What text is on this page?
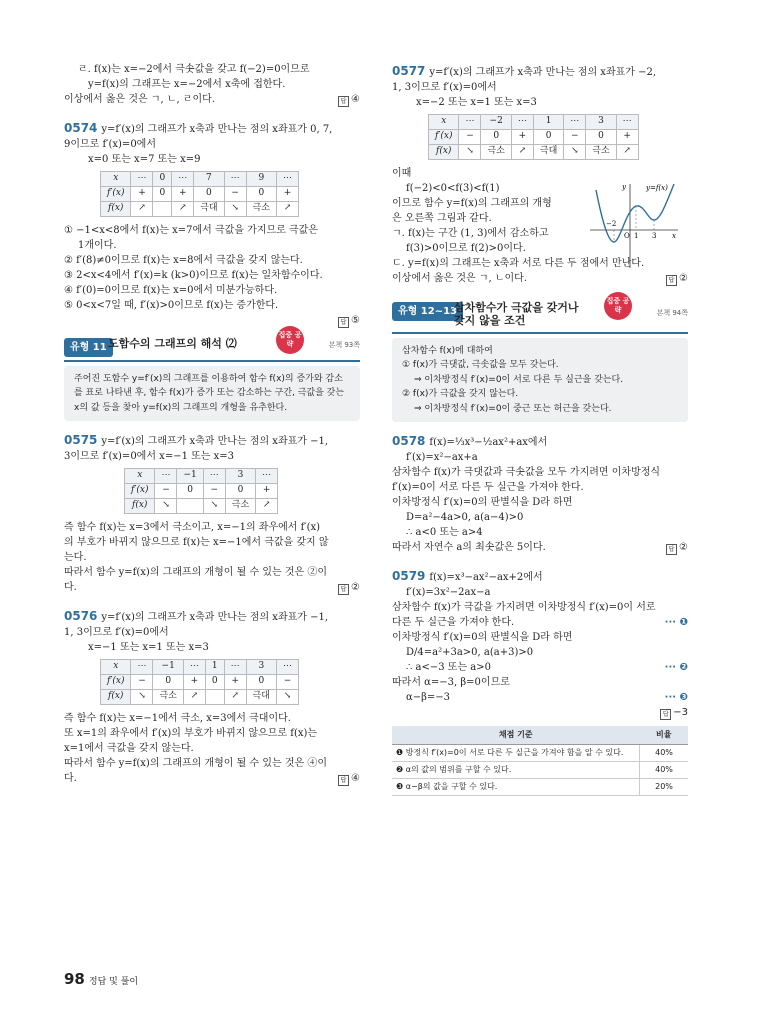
ㄹ. f(x)는 x=−2에서 극솟값을 갖고 f(−2)=0이므로

y=f(x)의 그래프는 x=−2에서 x축에 접한다.

이상에서 옳은 것은 ㄱ, ㄴ, ㄹ이다.	답 ④

0574 y=f′(x)의 그래프가 x축과 만나는 점의 x좌표가 0, 7,

9이므로 f′(x)=0에서

x=0 또는 x=7 또는 x=9

x	⋯	0	⋯	7	⋯	9	⋯
f′(x)	+	0	+	0	−	0	+
f(x)	↗		↗	극대	↘	극소	↗

① −1<x<8에서 f(x)는 x=7에서 극값을 가지므로 극값은

1개이다.

② f′(8)≠0이므로 f(x)는 x=8에서 극값을 갖지 않는다.

③ 2<x<4에서 f′(x)=k (k>0)이므로 f(x)는 일차함수이다.

④ f′(0)=0이므로 f(x)는 x=0에서 미분가능하다.

⑤ 0<x<7일 때, f′(x)>0이므로 f(x)는 증가한다.

답 ⑤

유형 11 도함수의 그래프의 해석 ⑵
집중 공략	본책 93쪽
주어진 도함수 y=f′(x)의 그래프를 이용하여 함수 f(x)의 증가와 감소를 표로 나타낸 후, 함수 f(x)가 증가 또는 감소하는 구간, 극값을 갖는 x의 값 등을 찾아 y=f(x)의 그래프의 개형을 유추한다.

0575 y=f′(x)의 그래프가 x축과 만나는 점의 x좌표가 −1,

3이므로 f′(x)=0에서 x=−1 또는 x=3

x	⋯	−1	⋯	3	⋯
f′(x)	−	0	−	0	+
f(x)	↘		↘	극소	↗

즉 함수 f(x)는 x=3에서 극소이고, x=−1의 좌우에서 f′(x)

의 부호가 바뀌지 않으므로 f(x)는 x=−1에서 극값을 갖지 않

는다.

따라서 함수 y=f(x)의 그래프의 개형이 될 수 있는 것은 ②이

다.	답 ②

0576 y=f′(x)의 그래프가 x축과 만나는 점의 x좌표가 −1,

1, 3이므로 f′(x)=0에서

x=−1 또는 x=1 또는 x=3

x	⋯	−1	⋯	1	⋯	3	⋯
f′(x)	−	0	+	0	+	0	−
f(x)	↘	극소	↗		↗	극대	↘

즉 함수 f(x)는 x=−1에서 극소, x=3에서 극대이다.

또 x=1의 좌우에서 f′(x)의 부호가 바뀌지 않으므로 f(x)는

x=1에서 극값을 갖지 않는다.

따라서 함수 y=f(x)의 그래프의 개형이 될 수 있는 것은 ④이

다.	답 ④

0577 y=f′(x)의 그래프가 x축과 만나는 점의 x좌표가 −2,

1, 3이므로 f′(x)=0에서

x=−2 또는 x=1 또는 x=3

x	⋯	−2	⋯	1	⋯	3	⋯
f′(x)	−	0	+	0	−	0	+
f(x)	↘	극소	↗	극대	↘	극소	↗

이때

f(−2)<0<f(3)<f(1)

이므로 함수 y=f(x)의 그래프의 개형

은 오른쪽 그림과 같다.

ㄱ. f(x)는 구간 (1, 3)에서 감소하고

f(3)>0이므로 f(2)>0이다.

ㄷ. y=f(x)의 그래프는 x축과 서로 다른 두 점에서 만난다.

이상에서 옳은 것은 ㄱ, ㄴ이다.	답 ②

y=f(x)
y
x
O
−2
1 3
유형 12~13
삼차함수가 극값을 갖거나
갖지 않을 조건
집중 공략	본책 94쪽
삼차함수 f(x)에 대하여
① f(x)가 극댓값, 극솟값을 모두 갖는다.
⇒ 이차방정식 f′(x)=0이 서로 다른 두 실근을 갖는다.
② f(x)가 극값을 갖지 않는다.
⇒ 이차방정식 f′(x)=0이 중근 또는 허근을 갖는다.

0578 f(x)=⅓x³−½ax²+ax에서

f′(x)=x²−ax+a

삼차함수 f(x)가 극댓값과 극솟값을 모두 가지려면 이차방정식

f′(x)=0이 서로 다른 두 실근을 가져야 한다.

이차방정식 f′(x)=0의 판별식을 D라 하면

D=a²−4a>0, a(a−4)>0

∴ a<0 또는 a>4

따라서 자연수 a의 최솟값은 5이다.	답 ②

0579 f(x)=x³−ax²−ax+2에서

f′(x)=3x²−2ax−a

삼차함수 f(x)가 극값을 가지려면 이차방정식 f′(x)=0이 서로

다른 두 실근을 가져야 한다.	··· ❶

이차방정식 f′(x)=0의 판별식을 D라 하면

D/4=a²+3a>0, a(a+3)>0

∴ a<−3 또는 a>0	··· ❷

따라서 α=−3, β=0이므로

α−β=−3	··· ❸

답 −3

채점 기준	비율
❶ 방정식 f′(x)=0이 서로 다른 두 실근을 가져야 함을 알 수 있다.	40%
❷ α의 값의 범위를 구할 수 있다.	40%
❸ α−β의 값을 구할 수 있다.	20%
98 정답 및 풀이
